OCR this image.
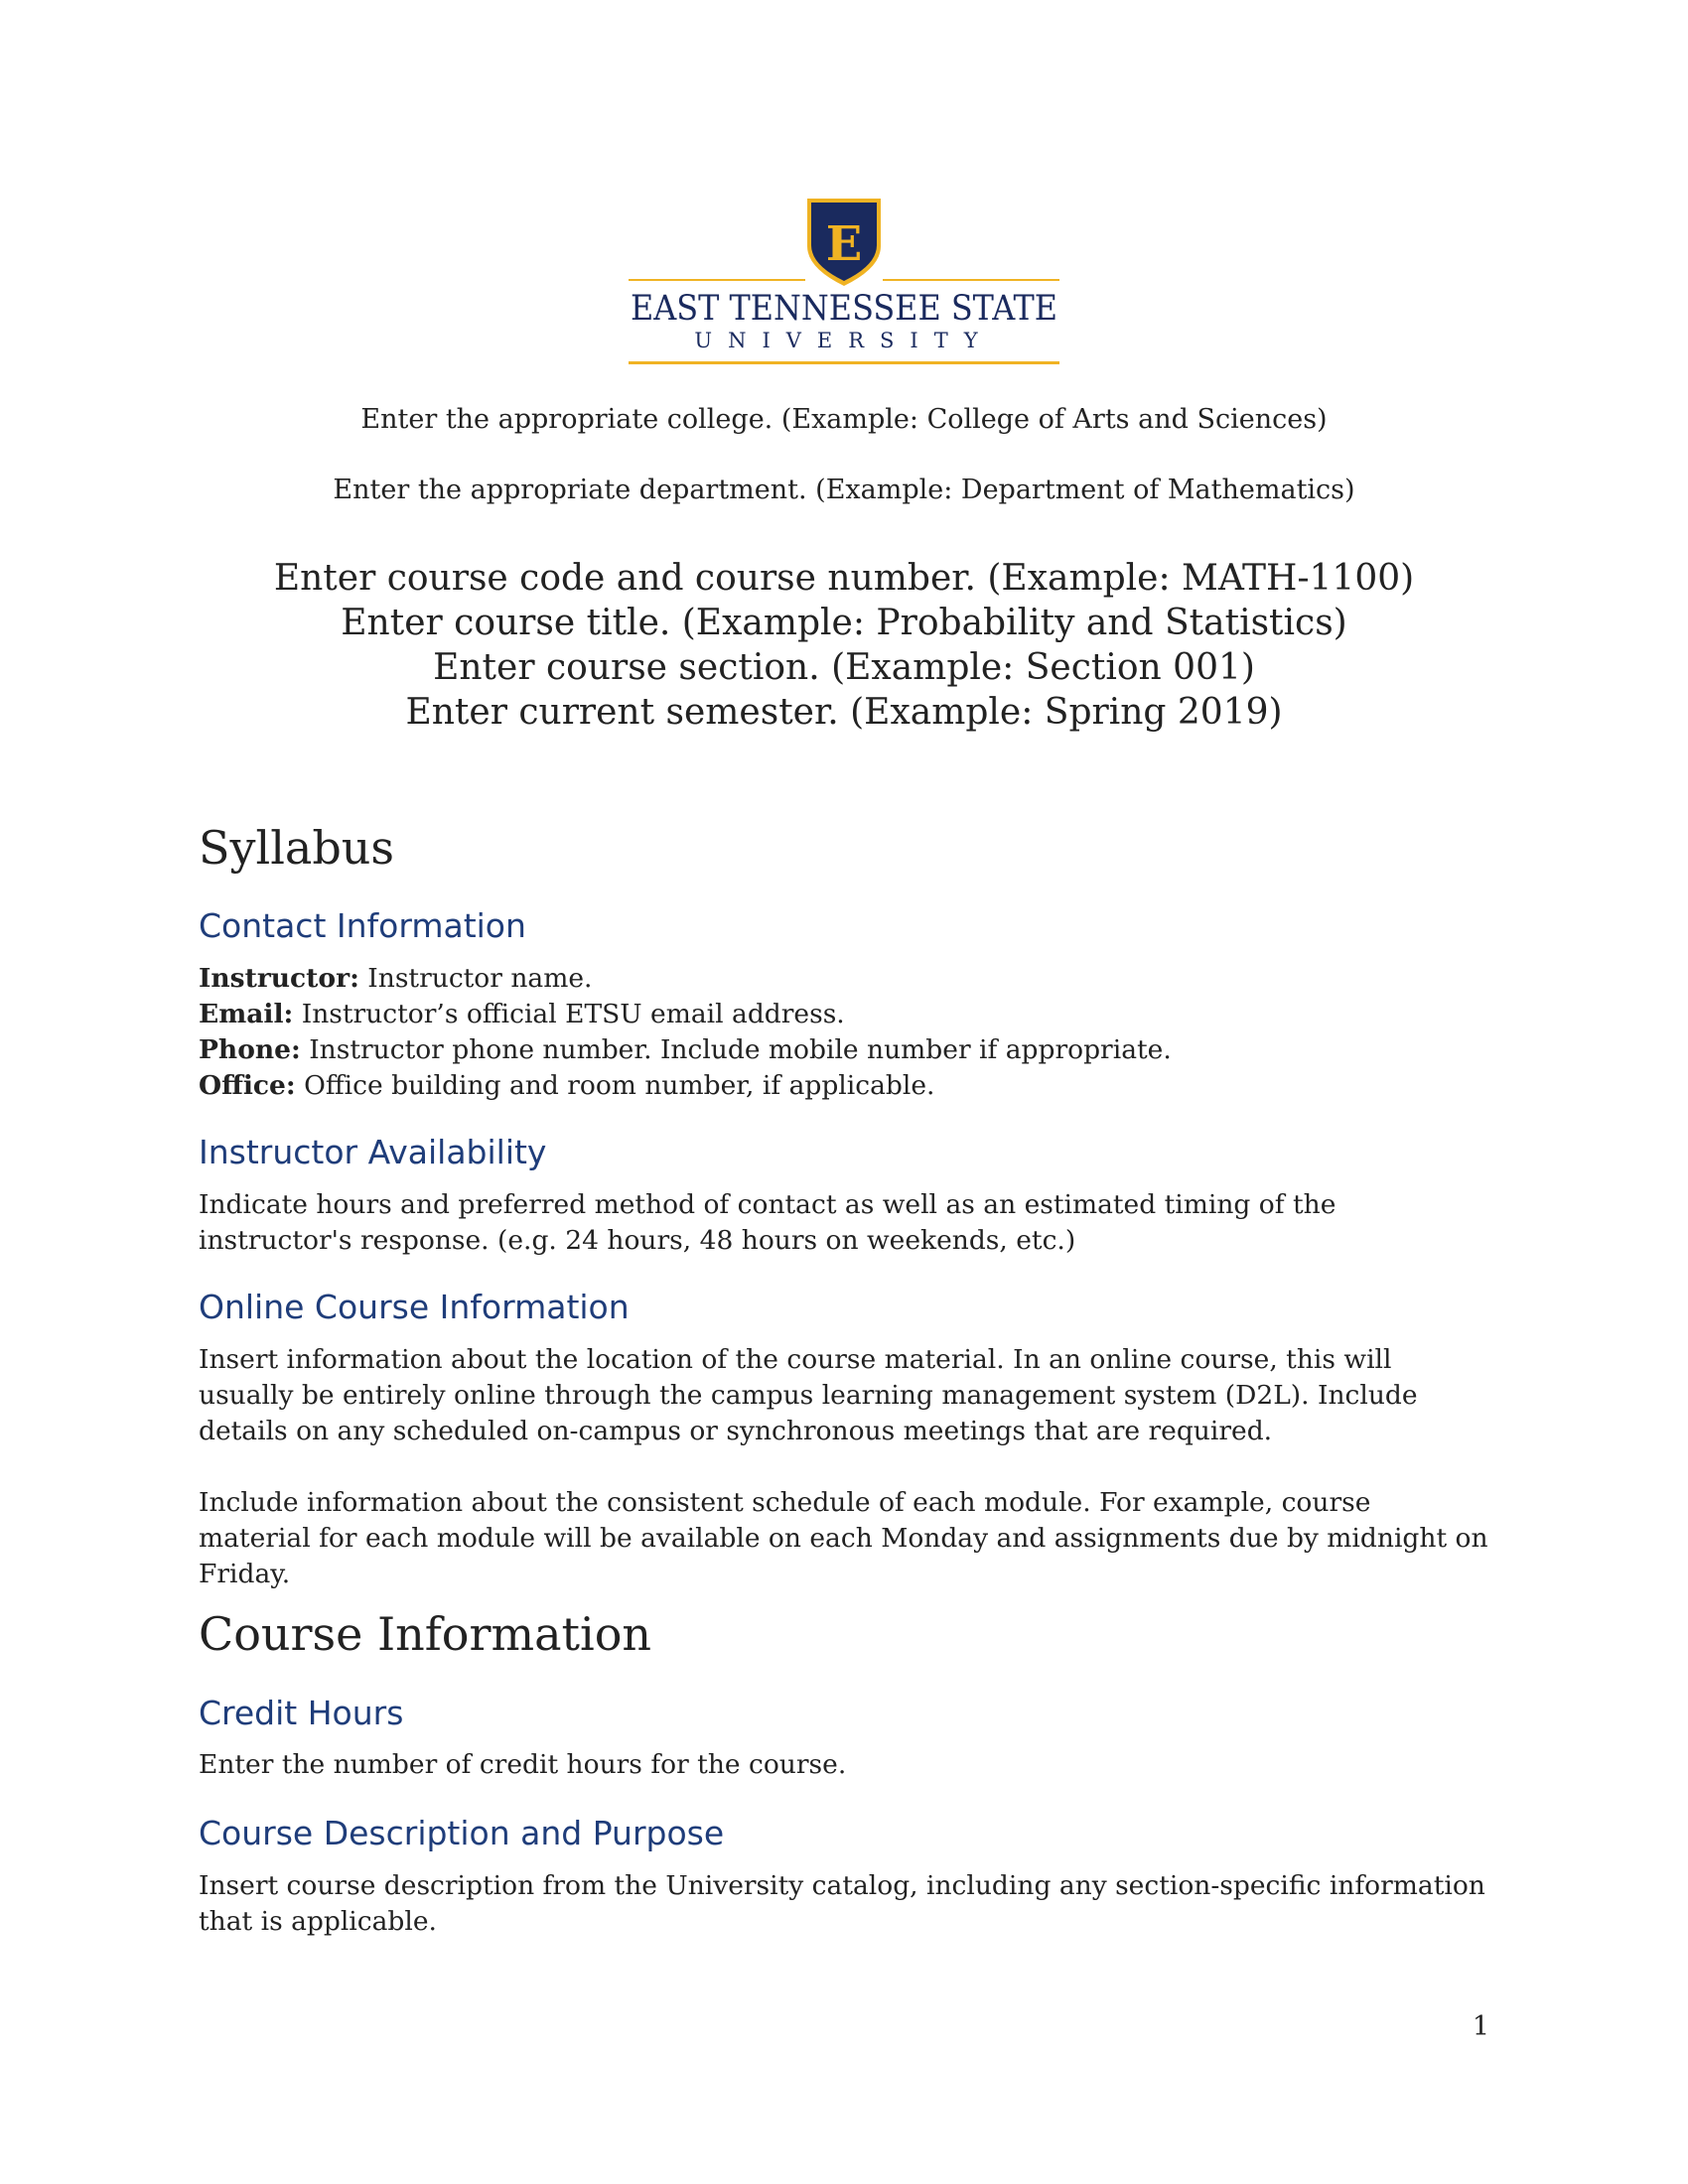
E
EAST TENNESSEE STATE
UNIVERSITY
Enter the appropriate college. (Example: College of Arts and Sciences)
Enter the appropriate department. (Example: Department of Mathematics)
Enter course code and course number. (Example: MATH-1100)
Enter course title. (Example: Probability and Statistics)
Enter course section. (Example: Section 001)
Enter current semester. (Example: Spring 2019)
Syllabus
Contact Information
Instructor: Instructor name.
Email: Instructor’s official ETSU email address.
Phone: Instructor phone number. Include mobile number if appropriate.
Office: Office building and room number, if applicable.
Instructor Availability

Indicate hours and preferred method of contact as well as an estimated timing of the instructor's response. (e.g. 24 hours, 48 hours on weekends, etc.)

Online Course Information

Insert information about the location of the course material. In an online course, this will usually be entirely online through the campus learning management system (D2L). Include details on any scheduled on-campus or synchronous meetings that are required.

Include information about the consistent schedule of each module. For example, course material for each module will be available on each Monday and assignments due by midnight on Friday.

Course Information
Credit Hours

Enter the number of credit hours for the course.

Course Description and Purpose

Insert course description from the University catalog, including any section-specific information that is applicable.

1
